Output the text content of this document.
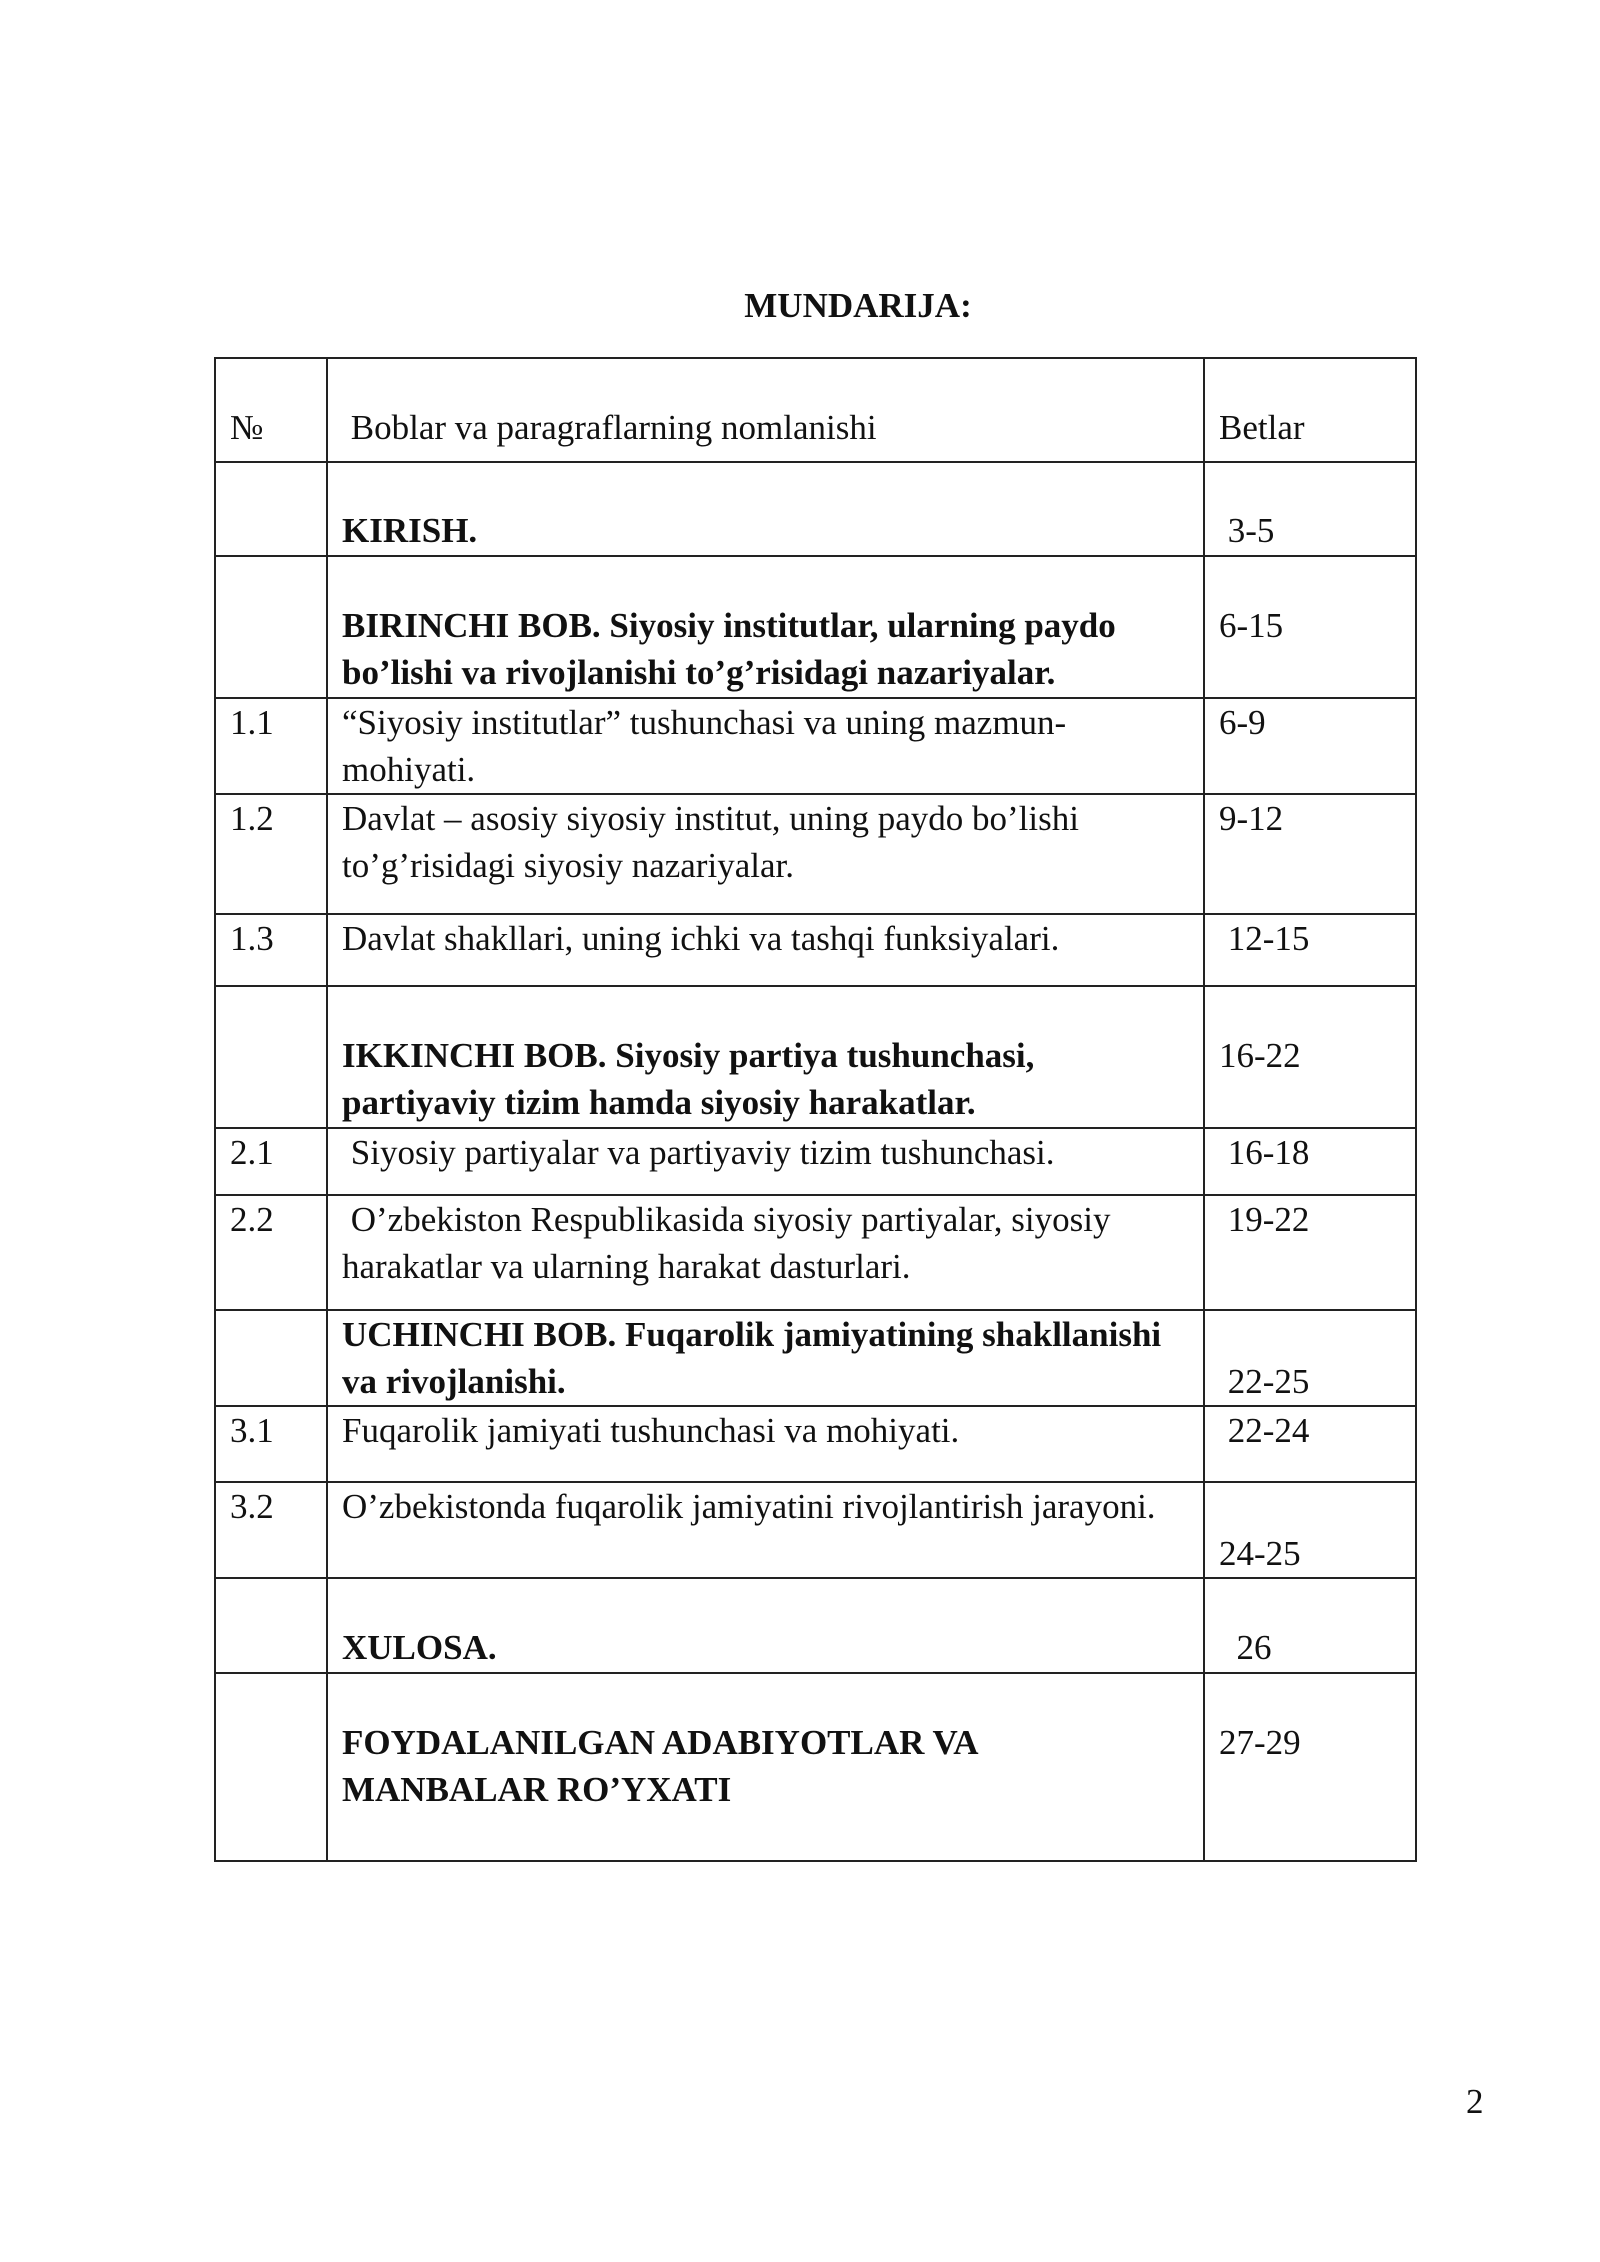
MUNDARIJA:
№	Boblar va paragraflarning nomlanishi	Betlar
	KIRISH.	3-5
	BIRINCHI BOB. Siyosiy institutlar, ularning paydo bo’lishi va rivojlanishi to’g’risidagi nazariyalar.	6-15
1.1	“Siyosiy institutlar” tushunchasi va uning mazmun-mohiyati.	6-9
1.2	Davlat – asosiy siyosiy institut, uning paydo bo’lishi to’g’risidagi siyosiy nazariyalar.	9-12
1.3	Davlat shakllari, uning ichki va tashqi funksiyalari.	12-15
	IKKINCHI BOB. Siyosiy partiya tushunchasi, partiyaviy tizim hamda siyosiy harakatlar.	16-22
2.1	Siyosiy partiyalar va partiyaviy tizim tushunchasi.	16-18
2.2	O’zbekiston Respublikasida siyosiy partiyalar, siyosiy harakatlar va ularning harakat dasturlari.	19-22
	UCHINCHI BOB. Fuqarolik jamiyatining shakllanishi va rivojlanishi.	22-25
3.1	Fuqarolik jamiyati tushunchasi va mohiyati.	22-24
3.2	O’zbekistonda fuqarolik jamiyatini rivojlantirish jarayoni.	24-25
	XULOSA.	26
	FOYDALANILGAN ADABIYOTLAR VA MANBALAR RO’YXATI	27-29
2
